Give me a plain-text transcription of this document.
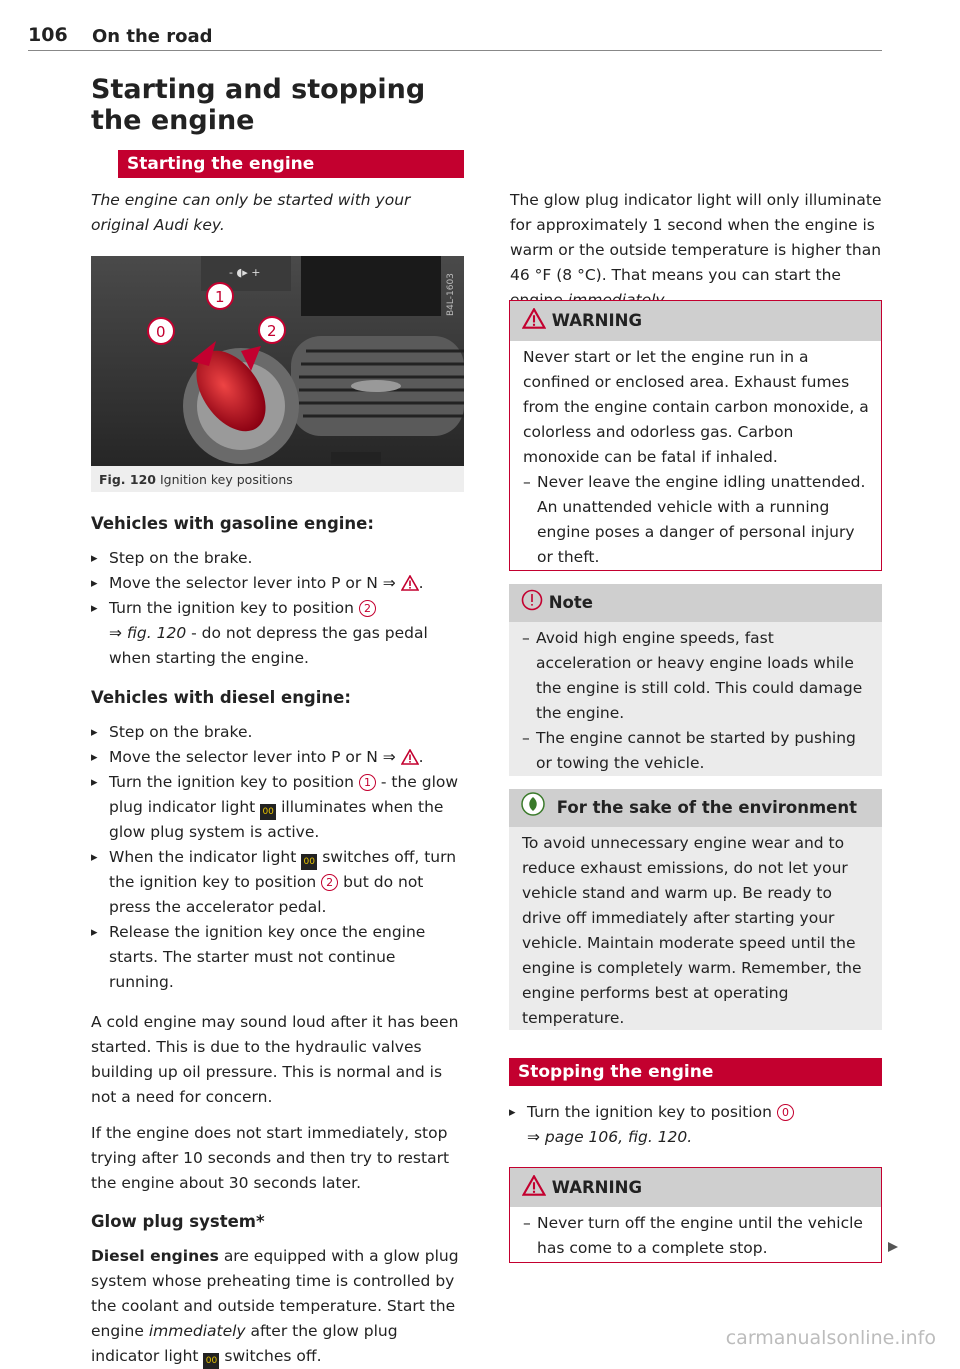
106 On the road
Starting and stopping the engine
Starting the engine
The engine can only be started with your original Audi key.
- ◖▸ +
0
1
2
B4L-1603
Fig. 120 Ignition key positions
Vehicles with gasoline engine:
▸ Step on the brake.
▸ Move the selector lever into P or N ⇒ .
▸ Turn the ignition key to position 2
⇒ fig. 120 - do not depress the gas pedal when starting the engine.
Vehicles with diesel engine:
▸ Step on the brake.
▸ Move the selector lever into P or N ⇒ .
▸ Turn the ignition key to position 1 - the glow plug indicator light 00 illuminates when the glow plug system is active.
▸ When the indicator light 00 switches off, turn the ignition key to position 2 but do not press the accelerator pedal.
▸ Release the ignition key once the engine starts. The starter must not continue running.
A cold engine may sound loud after it has been started. This is due to the hydraulic valves building up oil pressure. This is normal and is not a need for concern.
If the engine does not start immediately, stop trying after 10 seconds and then try to restart the engine about 30 seconds later.
Glow plug system*
Diesel engines are equipped with a glow plug system whose preheating time is controlled by the coolant and outside temperature. Start the engine immediately after the glow plug indicator light 00 switches off.
The glow plug indicator light will only illuminate for approximately 1 second when the engine is warm or the outside temperature is higher than 46 °F (8 °C). That means you can start the
WARNING
Never start or let the engine run in a confined or enclosed area. Exhaust fumes from the engine contain carbon monoxide, a colorless and odorless gas. Carbon monoxide can be fatal if inhaled.
– Never leave the engine idling unattended. An unattended vehicle with a running engine poses a danger of personal injury or theft.
Note
– Avoid high engine speeds, fast acceleration or heavy engine loads while the engine is still cold. This could damage the engine.
– The engine cannot be started by pushing or towing the vehicle.
For the sake of the environment
To avoid unnecessary engine wear and to reduce exhaust emissions, do not let your vehicle stand and warm up. Be ready to drive off immediately after starting your vehicle. Maintain moderate speed until the engine is completely warm. Remember, the engine performs best at operating temperature.
Stopping the engine
▸ Turn the ignition key to position 0
⇒ page 106, fig. 120.
WARNING
– Never turn off the engine until the vehicle has come to a complete stop.
carmanualsonline.info
